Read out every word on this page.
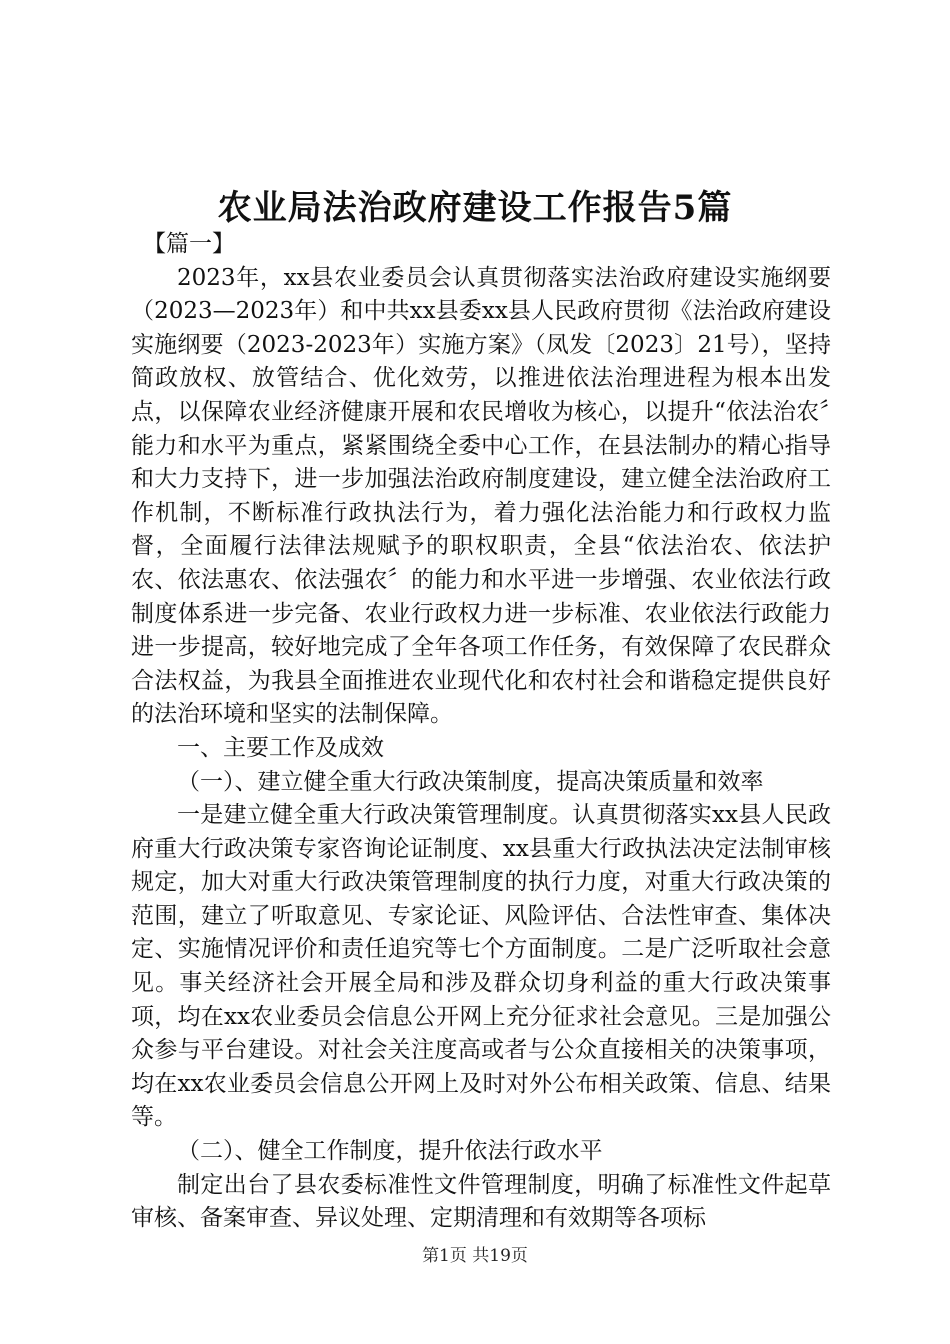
农业局法治政府建设工作报告5篇

【篇一】

2023年，xx县农业委员会认真贯彻落实法治政府建设实施纲要（2023—2023年）和中共xx县委xx县人民政府贯彻《法治政府建设实施纲要（2023-2023年）实施方案》（凤发〔2023〕21号），坚持简政放权、放管结合、优化效劳，以推进依法治理进程为根本出发点，以保障农业经济健康开展和农民增收为核心，以提升“依法治农〞能力和水平为重点，紧紧围绕全委中心工作，在县法制办的精心指导和大力支持下，进一步加强法治政府制度建设，建立健全法治政府工作机制，不断标准行政执法行为，着力强化法治能力和行政权力监督，全面履行法律法规赋予的职权职责，全县“依法治农、依法护农、依法惠农、依法强农〞的能力和水平进一步增强、农业依法行政制度体系进一步完备、农业行政权力进一步标准、农业依法行政能力进一步提高，较好地完成了全年各项工作任务，有效保障了农民群众合法权益，为我县全面推进农业现代化和农村社会和谐稳定提供良好的法治环境和坚实的法制保障。

一、主要工作及成效

（一）、建立健全重大行政决策制度，提高决策质量和效率

一是建立健全重大行政决策管理制度。认真贯彻落实xx县人民政府重大行政决策专家咨询论证制度、xx县重大行政执法决定法制审核规定，加大对重大行政决策管理制度的执行力度，对重大行政决策的范围，建立了听取意见、专家论证、风险评估、合法性审查、集体决定、实施情况评价和责任追究等七个方面制度。二是广泛听取社会意见。事关经济社会开展全局和涉及群众切身利益的重大行政决策事项，均在xx农业委员会信息公开网上充分征求社会意见。三是加强公众参与平台建设。对社会关注度高或者与公众直接相关的决策事项，均在xx农业委员会信息公开网上及时对外公布相关政策、信息、结果等。

（二）、健全工作制度，提升依法行政水平

制定出台了县农委标准性文件管理制度，明确了标准性文件起草审核、备案审查、异议处理、定期清理和有效期等各项标

第1页 共19页
